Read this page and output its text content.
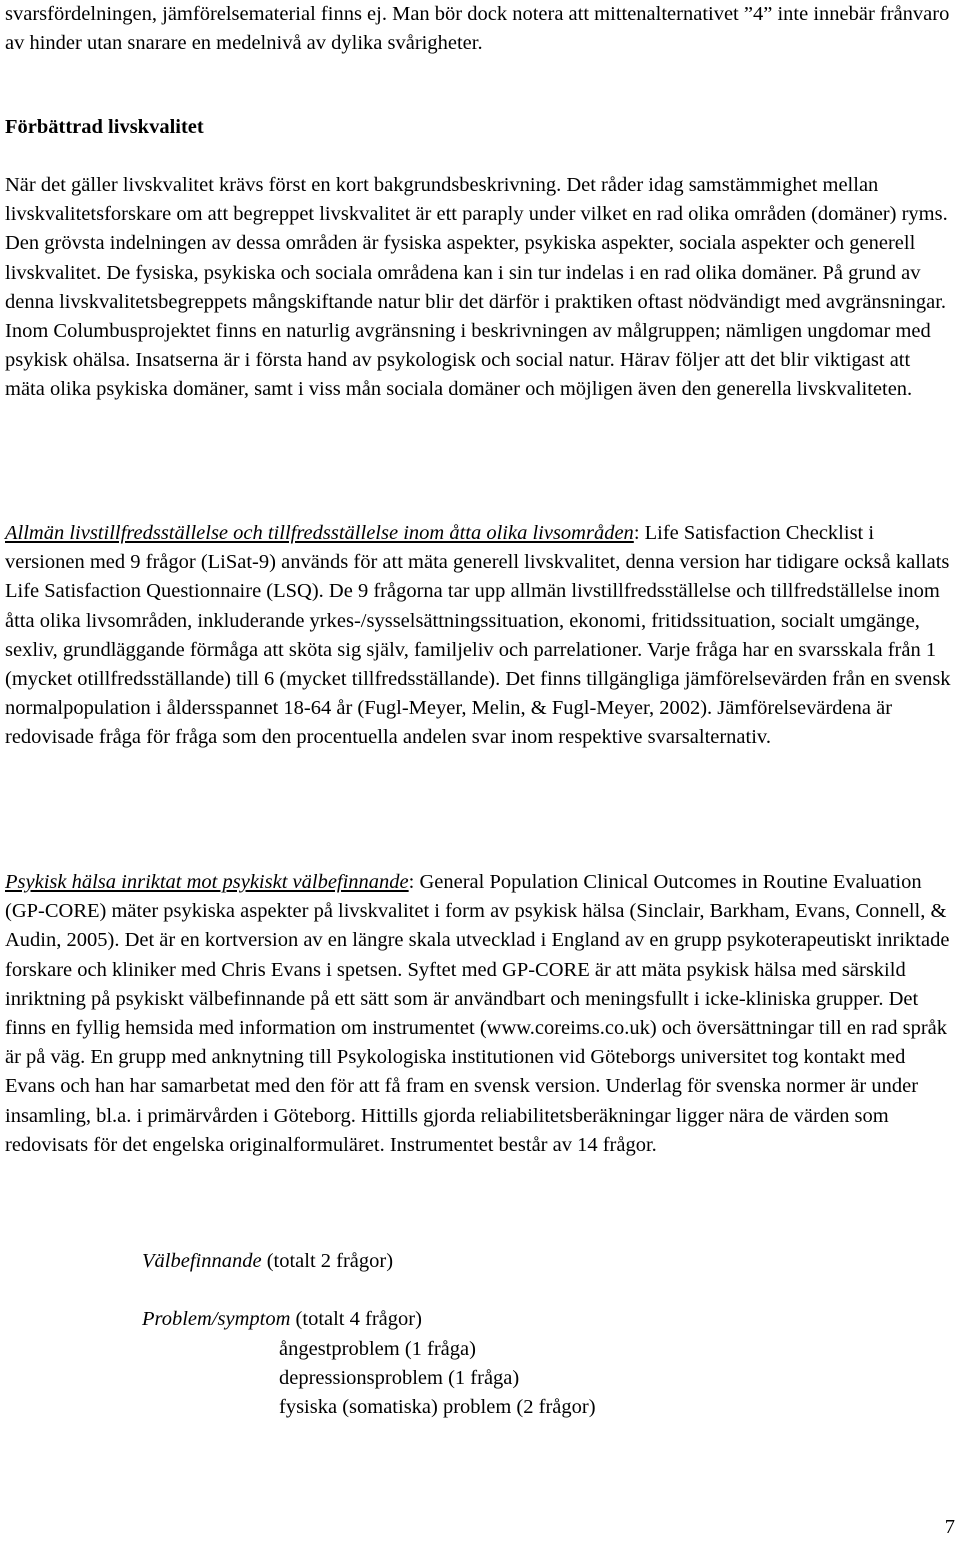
svarsfördelningen, jämförelsematerial finns ej. Man bör dock notera att mittenalternativet ”4” inte innebär frånvaro av hinder utan snarare en medelnivå av dylika svårigheter.

Förbättrad livskvalitet

När det gäller livskvalitet krävs först en kort bakgrundsbeskrivning. Det råder idag samstämmighet mellan livskvalitetsforskare om att begreppet livskvalitet är ett paraply under vilket en rad olika områden (domäner) ryms. Den grövsta indelningen av dessa områden är fysiska aspekter, psykiska aspekter, sociala aspekter och generell livskvalitet. De fysiska, psykiska och sociala områdena kan i sin tur indelas i en rad olika domäner. På grund av denna livskvalitetsbegreppets mångskiftande natur blir det därför i praktiken oftast nödvändigt med avgränsningar. Inom Columbusprojektet finns en naturlig avgränsning i beskrivningen av målgruppen; nämligen ungdomar med psykisk ohälsa. Insatserna är i första hand av psykologisk och social natur. Härav följer att det blir viktigast att mäta olika psykiska domäner, samt i viss mån sociala domäner och möjligen även den generella livskvaliteten.

Allmän livstillfredsställelse och tillfredsställelse inom åtta olika livsområden: Life Satisfaction Checklist i versionen med 9 frågor (LiSat-9) används för att mäta generell livskvalitet, denna version har tidigare också kallats Life Satisfaction Questionnaire (LSQ). De 9 frågorna tar upp allmän livstillfredsställelse och tillfredställelse inom åtta olika livsområden, inkluderande yrkes-/sysselsättningssituation, ekonomi, fritidssituation, socialt umgänge, sexliv, grundläggande förmåga att sköta sig själv, familjeliv och parrelationer. Varje fråga har en svarsskala från 1 (mycket otillfredsställande) till 6 (mycket tillfredsställande). Det finns tillgängliga jämförelsevärden från en svensk normalpopulation i åldersspannet 18-64 år (Fugl-Meyer, Melin, & Fugl-Meyer, 2002). Jämförelsevärdena är redovisade fråga för fråga som den procentuella andelen svar inom respektive svarsalternativ.

Psykisk hälsa inriktat mot psykiskt välbefinnande: General Population Clinical Outcomes in Routine Evaluation (GP-CORE) mäter psykiska aspekter på livskvalitet i form av psykisk hälsa (Sinclair, Barkham, Evans, Connell, & Audin, 2005). Det är en kortversion av en längre skala utvecklad i England av en grupp psykoterapeutiskt inriktade forskare och kliniker med Chris Evans i spetsen. Syftet med GP-CORE är att mäta psykisk hälsa med särskild inriktning på psykiskt välbefinnande på ett sätt som är användbart och meningsfullt i icke-kliniska grupper. Det finns en fyllig hemsida med information om instrumentet (www.coreims.co.uk) och översättningar till en rad språk är på väg. En grupp med anknytning till Psykologiska institutionen vid Göteborgs universitet tog kontakt med Evans och han har samarbetat med den för att få fram en svensk version. Underlag för svenska normer är under insamling, bl.a. i primärvården i Göteborg. Hittills gjorda reliabilitetsberäkningar ligger nära de värden som redovisats för det engelska originalformuläret. Instrumentet består av 14 frågor.

Välbefinnande (totalt 2 frågor)
Problem/symptom (totalt 4 frågor)
ångestproblem (1 fråga)
depressionsproblem (1 fråga)
fysiska (somatiska) problem (2 frågor)
7
